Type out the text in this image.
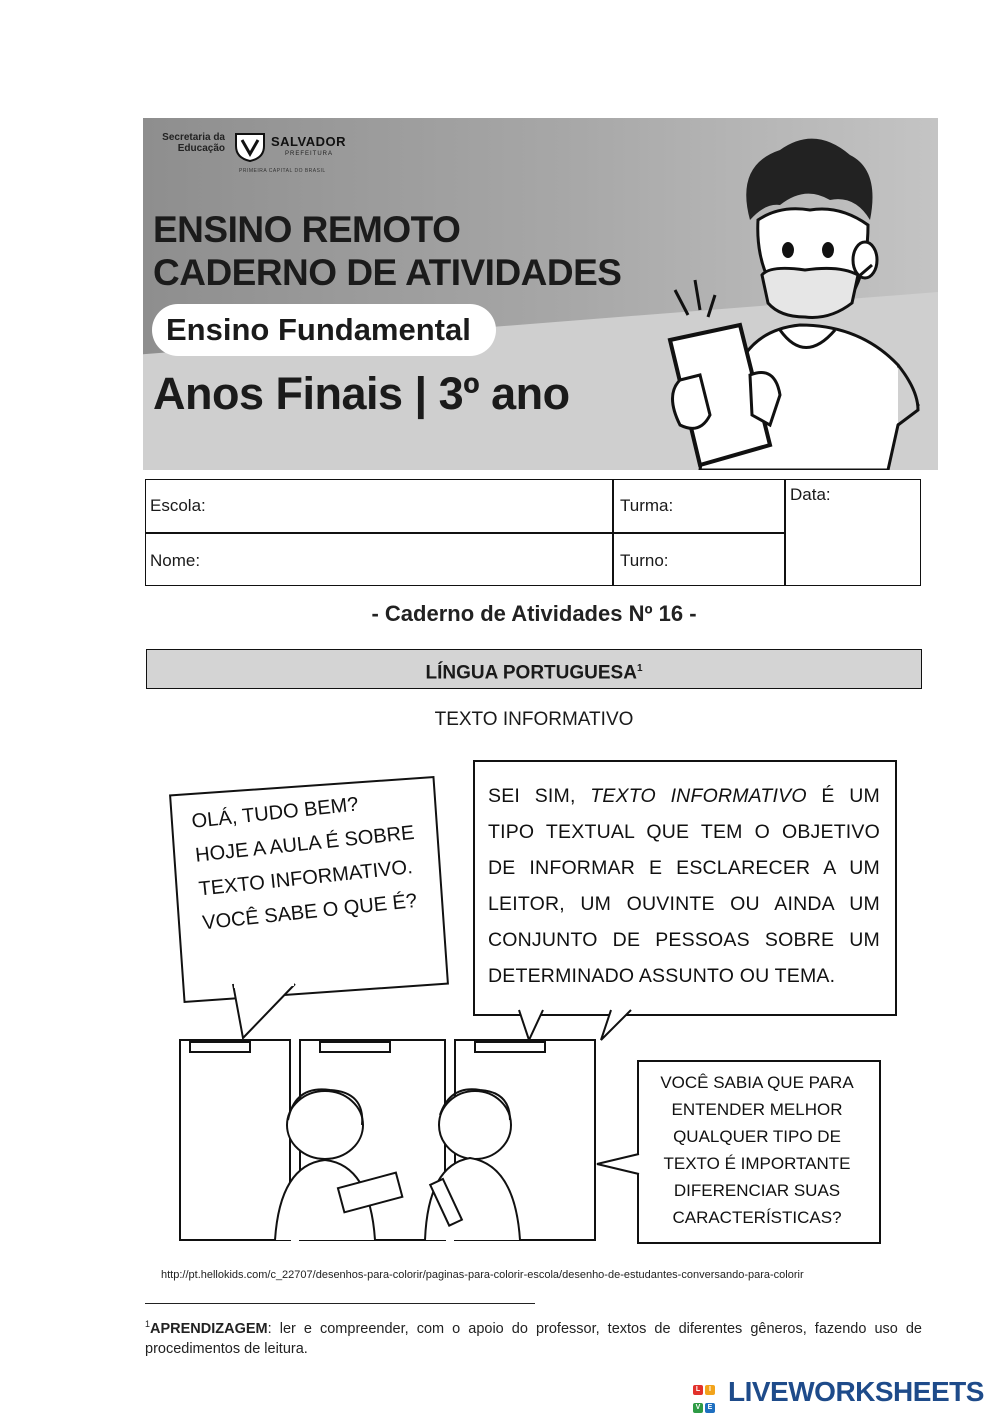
Secretaria da Educação	SALVADOR
PREFEITURA
PRIMEIRA CAPITAL DO BRASIL
ENSINO REMOTO
CADERNO DE ATIVIDADES
Ensino Fundamental
Anos Finais | 3º ano
Escola:	Turma:
Data:
Nome:	Turno:
- Caderno de Atividades Nº 16 -
LÍNGUA PORTUGUESA$^1$
TEXTO INFORMATIVO
OLÁ, TUDO BEM?
HOJE A AULA É SOBRE
TEXTO INFORMATIVO.
VOCÊ SABE O QUE É?
SEI SIM, TEXTO INFORMATIVO É UM TIPO TEXTUAL QUE TEM O OBJETIVO DE INFORMAR E ESCLARECER A UM LEITOR, UM OUVINTE OU AINDA UM CONJUNTO DE PESSOAS SOBRE UM DETERMINADO ASSUNTO OU TEMA.
VOCÊ SABIA QUE PARA
ENTENDER MELHOR
QUALQUER TIPO DE
TEXTO É IMPORTANTE
DIFERENCIAR SUAS
CARACTERÍSTICAS?
http://pt.hellokids.com/c_22707/desenhos-para-colorir/paginas-para-colorir-escola/desenho-de-estudantes-conversando-para-colorir
$^1$APRENDIZAGEM: ler e compreender, com o apoio do professor, textos de diferentes gêneros, fazendo uso de procedimentos de leitura.
L I
V E
LIVEWORKSHEETS
